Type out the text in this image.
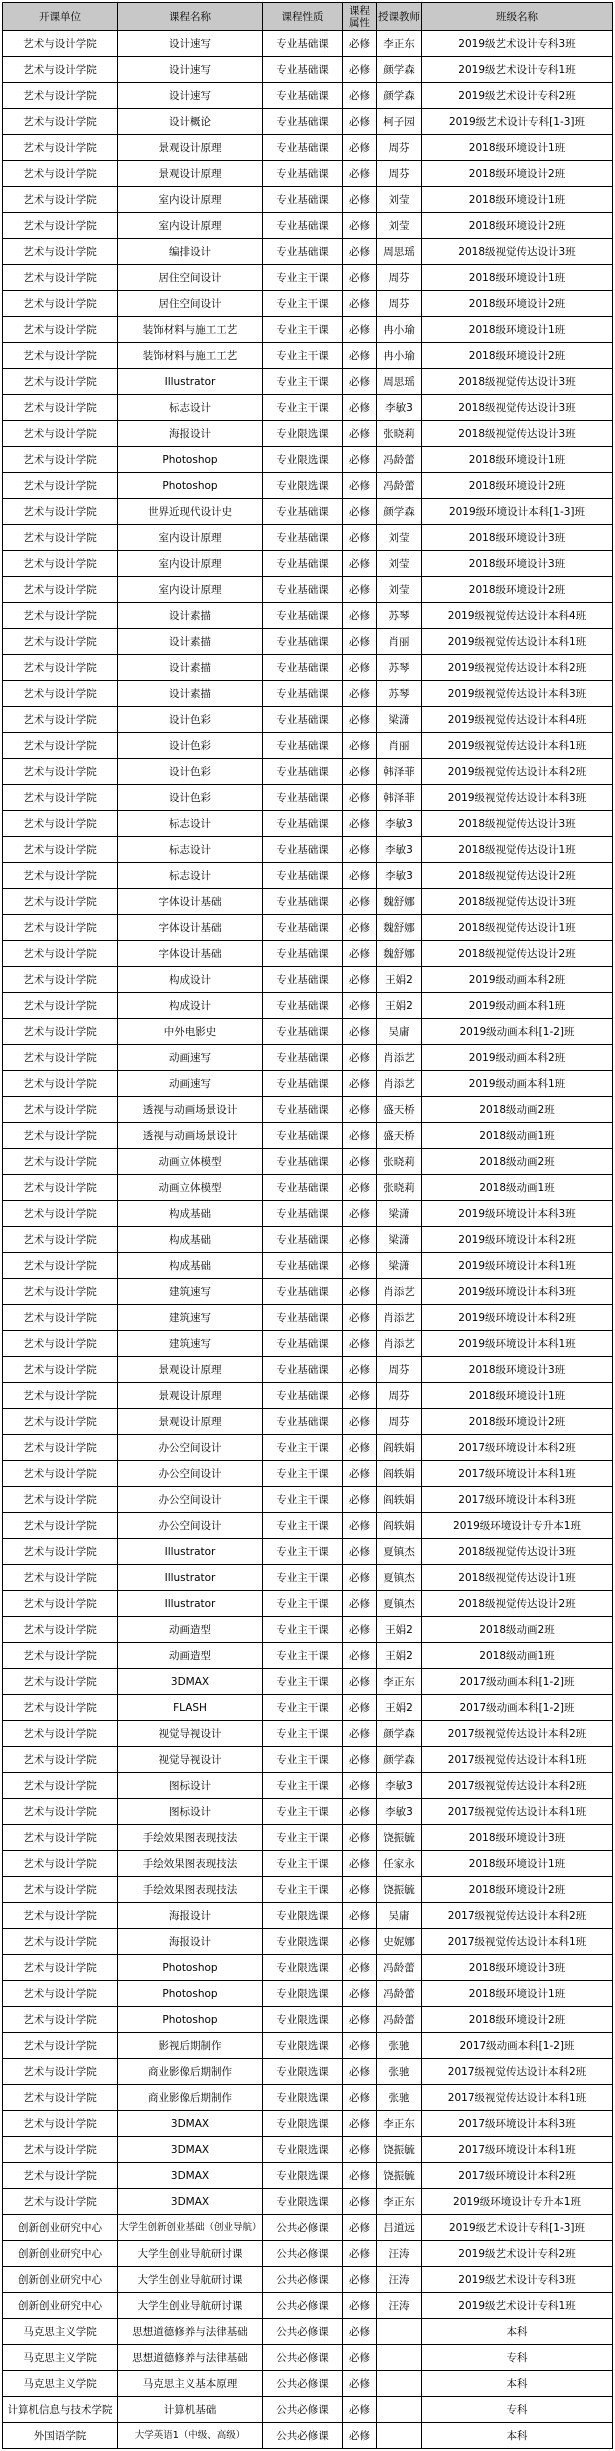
开课单位	课程名称	课程性质	课程属性	授课教师	班级名称
艺术与设计学院	设计速写	专业基础课	必修	李正东	2019级艺术设计专科3班
艺术与设计学院	设计速写	专业基础课	必修	颜学森	2019级艺术设计专科1班
艺术与设计学院	设计速写	专业基础课	必修	颜学森	2019级艺术设计专科2班
艺术与设计学院	设计概论	专业基础课	必修	柯子园	2019级艺术设计专科[1-3]班
艺术与设计学院	景观设计原理	专业基础课	必修	周芬	2018级环境设计1班
艺术与设计学院	景观设计原理	专业基础课	必修	周芬	2018级环境设计2班
艺术与设计学院	室内设计原理	专业基础课	必修	刘莹	2018级环境设计1班
艺术与设计学院	室内设计原理	专业基础课	必修	刘莹	2018级环境设计2班
艺术与设计学院	编排设计	专业基础课	必修	周思瑶	2018级视觉传达设计3班
艺术与设计学院	居住空间设计	专业主干课	必修	周芬	2018级环境设计1班
艺术与设计学院	居住空间设计	专业主干课	必修	周芬	2018级环境设计2班
艺术与设计学院	装饰材料与施工工艺	专业主干课	必修	冉小瑜	2018级环境设计1班
艺术与设计学院	装饰材料与施工工艺	专业主干课	必修	冉小瑜	2018级环境设计2班
艺术与设计学院	Illustrator	专业主干课	必修	周思瑶	2018级视觉传达设计3班
艺术与设计学院	标志设计	专业主干课	必修	李敏3	2018级视觉传达设计3班
艺术与设计学院	海报设计	专业限选课	必修	张晓莉	2018级视觉传达设计3班
艺术与设计学院	Photoshop	专业限选课	必修	冯龄蕾	2018级环境设计1班
艺术与设计学院	Photoshop	专业限选课	必修	冯龄蕾	2018级环境设计2班
艺术与设计学院	世界近现代设计史	专业基础课	必修	颜学森	2019级环境设计本科[1-3]班
艺术与设计学院	室内设计原理	专业基础课	必修	刘莹	2018级环境设计3班
艺术与设计学院	室内设计原理	专业基础课	必修	刘莹	2018级环境设计3班
艺术与设计学院	室内设计原理	专业基础课	必修	刘莹	2018级环境设计2班
艺术与设计学院	设计素描	专业基础课	必修	苏琴	2019级视觉传达设计本科4班
艺术与设计学院	设计素描	专业基础课	必修	肖丽	2019级视觉传达设计本科1班
艺术与设计学院	设计素描	专业基础课	必修	苏琴	2019级视觉传达设计本科2班
艺术与设计学院	设计素描	专业基础课	必修	苏琴	2019级视觉传达设计本科3班
艺术与设计学院	设计色彩	专业基础课	必修	梁潇	2019级视觉传达设计本科4班
艺术与设计学院	设计色彩	专业基础课	必修	肖丽	2019级视觉传达设计本科1班
艺术与设计学院	设计色彩	专业基础课	必修	韩泽菲	2019级视觉传达设计本科2班
艺术与设计学院	设计色彩	专业基础课	必修	韩泽菲	2019级视觉传达设计本科3班
艺术与设计学院	标志设计	专业基础课	必修	李敏3	2018级视觉传达设计3班
艺术与设计学院	标志设计	专业基础课	必修	李敏3	2018级视觉传达设计1班
艺术与设计学院	标志设计	专业基础课	必修	李敏3	2018级视觉传达设计2班
艺术与设计学院	字体设计基础	专业基础课	必修	魏舒娜	2018级视觉传达设计3班
艺术与设计学院	字体设计基础	专业基础课	必修	魏舒娜	2018级视觉传达设计1班
艺术与设计学院	字体设计基础	专业基础课	必修	魏舒娜	2018级视觉传达设计2班
艺术与设计学院	构成设计	专业基础课	必修	王娟2	2019级动画本科2班
艺术与设计学院	构成设计	专业基础课	必修	王娟2	2019级动画本科1班
艺术与设计学院	中外电影史	专业基础课	必修	吴庸	2019级动画本科[1-2]班
艺术与设计学院	动画速写	专业基础课	必修	肖添艺	2019级动画本科2班
艺术与设计学院	动画速写	专业基础课	必修	肖添艺	2019级动画本科1班
艺术与设计学院	透视与动画场景设计	专业基础课	必修	盛天桥	2018级动画2班
艺术与设计学院	透视与动画场景设计	专业基础课	必修	盛天桥	2018级动画1班
艺术与设计学院	动画立体模型	专业基础课	必修	张晓莉	2018级动画2班
艺术与设计学院	动画立体模型	专业基础课	必修	张晓莉	2018级动画1班
艺术与设计学院	构成基础	专业基础课	必修	梁潇	2019级环境设计本科3班
艺术与设计学院	构成基础	专业基础课	必修	梁潇	2019级环境设计本科2班
艺术与设计学院	构成基础	专业基础课	必修	梁潇	2019级环境设计本科1班
艺术与设计学院	建筑速写	专业基础课	必修	肖添艺	2019级环境设计本科3班
艺术与设计学院	建筑速写	专业基础课	必修	肖添艺	2019级环境设计本科2班
艺术与设计学院	建筑速写	专业基础课	必修	肖添艺	2019级环境设计本科1班
艺术与设计学院	景观设计原理	专业基础课	必修	周芬	2018级环境设计3班
艺术与设计学院	景观设计原理	专业基础课	必修	周芬	2018级环境设计1班
艺术与设计学院	景观设计原理	专业基础课	必修	周芬	2018级环境设计2班
艺术与设计学院	办公空间设计	专业主干课	必修	阎轶娟	2017级环境设计本科2班
艺术与设计学院	办公空间设计	专业主干课	必修	阎轶娟	2017级环境设计本科1班
艺术与设计学院	办公空间设计	专业主干课	必修	阎轶娟	2017级环境设计本科3班
艺术与设计学院	办公空间设计	专业主干课	必修	阎轶娟	2019级环境设计专升本1班
艺术与设计学院	Illustrator	专业主干课	必修	夏镇杰	2018级视觉传达设计3班
艺术与设计学院	Illustrator	专业主干课	必修	夏镇杰	2018级视觉传达设计1班
艺术与设计学院	Illustrator	专业主干课	必修	夏镇杰	2018级视觉传达设计2班
艺术与设计学院	动画造型	专业主干课	必修	王娟2	2018级动画2班
艺术与设计学院	动画造型	专业主干课	必修	王娟2	2018级动画1班
艺术与设计学院	3DMAX	专业主干课	必修	李正东	2017级动画本科[1-2]班
艺术与设计学院	FLASH	专业主干课	必修	王娟2	2017级动画本科[1-2]班
艺术与设计学院	视觉导视设计	专业主干课	必修	颜学森	2017级视觉传达设计本科2班
艺术与设计学院	视觉导视设计	专业主干课	必修	颜学森	2017级视觉传达设计本科1班
艺术与设计学院	图标设计	专业主干课	必修	李敏3	2017级视觉传达设计本科2班
艺术与设计学院	图标设计	专业主干课	必修	李敏3	2017级视觉传达设计本科1班
艺术与设计学院	手绘效果图表现技法	专业主干课	必修	饶振毓	2018级环境设计3班
艺术与设计学院	手绘效果图表现技法	专业主干课	必修	任家永	2018级环境设计1班
艺术与设计学院	手绘效果图表现技法	专业主干课	必修	饶振毓	2018级环境设计2班
艺术与设计学院	海报设计	专业限选课	必修	吴庸	2017级视觉传达设计本科2班
艺术与设计学院	海报设计	专业限选课	必修	史妮娜	2017级视觉传达设计本科1班
艺术与设计学院	Photoshop	专业限选课	必修	冯龄蕾	2018级环境设计3班
艺术与设计学院	Photoshop	专业限选课	必修	冯龄蕾	2018级环境设计1班
艺术与设计学院	Photoshop	专业限选课	必修	冯龄蕾	2018级环境设计2班
艺术与设计学院	影视后期制作	专业限选课	必修	张驰	2017级动画本科[1-2]班
艺术与设计学院	商业影像后期制作	专业限选课	必修	张驰	2017级视觉传达设计本科2班
艺术与设计学院	商业影像后期制作	专业限选课	必修	张驰	2017级视觉传达设计本科1班
艺术与设计学院	3DMAX	专业限选课	必修	李正东	2017级环境设计本科3班
艺术与设计学院	3DMAX	专业限选课	必修	饶振毓	2017级环境设计本科1班
艺术与设计学院	3DMAX	专业限选课	必修	饶振毓	2017级环境设计本科2班
艺术与设计学院	3DMAX	专业限选课	必修	李正东	2019级环境设计专升本1班
创新创业研究中心	大学生创新创业基础（创业导航）	公共必修课	必修	吕道远	2019级艺术设计专科[1-3]班
创新创业研究中心	大学生创业导航研讨课	公共必修课	必修	汪涛	2019级艺术设计专科2班
创新创业研究中心	大学生创业导航研讨课	公共必修课	必修	汪涛	2019级艺术设计专科3班
创新创业研究中心	大学生创业导航研讨课	公共必修课	必修	汪涛	2019级艺术设计专科1班
马克思主义学院	思想道德修养与法律基础	公共必修课	必修		本科
马克思主义学院	思想道德修养与法律基础	公共必修课	必修		专科
马克思主义学院	马克思主义基本原理	公共必修课	必修		本科
计算机信息与技术学院	计算机基础	公共必修课	必修		专科
外国语学院	大学英语1（中级、高级）	公共必修课	必修		本科
